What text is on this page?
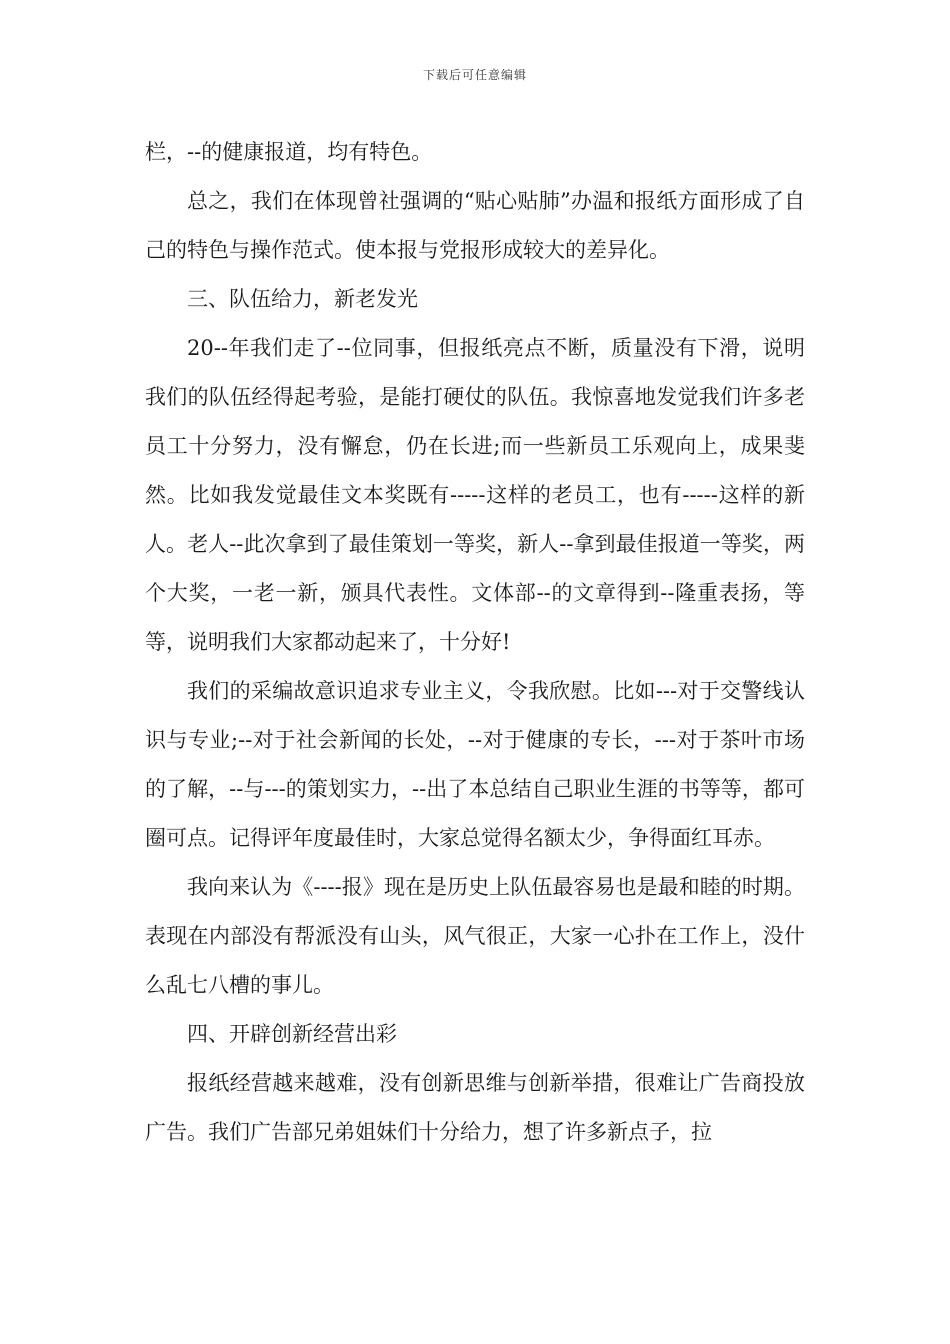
下载后可任意编辑

栏，--的健康报道，均有特色。

总之，我们在体现曾社强调的“贴心贴肺”办温和报纸方面形成了自己的特色与操作范式。使本报与党报形成较大的差异化。

三、队伍给力，新老发光

20--年我们走了--位同事，但报纸亮点不断，质量没有下滑，说明我们的队伍经得起考验，是能打硬仗的队伍。我惊喜地发觉我们许多老员工十分努力，没有懈怠，仍在长进;而一些新员工乐观向上，成果斐然。比如我发觉最佳文本奖既有-----这样的老员工，也有-----这样的新人。老人--此次拿到了最佳策划一等奖，新人--拿到最佳报道一等奖，两个大奖，一老一新，颁具代表性。文体部--的文章得到--隆重表扬，等等，说明我们大家都动起来了，十分好!

我们的采编故意识追求专业主义，令我欣慰。比如---对于交警线认识与专业;--对于社会新闻的长处，--对于健康的专长，---对于茶叶市场的了解，--与---的策划实力，--出了本总结自己职业生涯的书等等，都可圈可点。记得评年度最佳时，大家总觉得名额太少，争得面红耳赤。

我向来认为《----报》现在是历史上队伍最容易也是最和睦的时期。表现在内部没有帮派没有山头，风气很正，大家一心扑在工作上，没什么乱七八槽的事儿。

四、开辟创新经营出彩

报纸经营越来越难，没有创新思维与创新举措，很难让广告商投放广告。我们广告部兄弟姐妹们十分给力，想了许多新点子，拉
